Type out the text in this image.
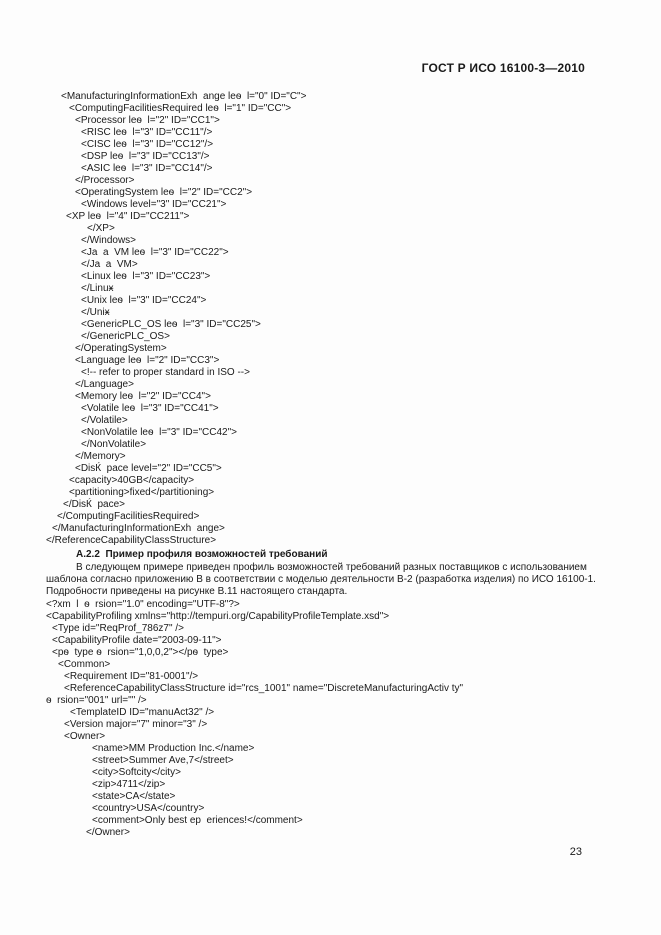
ГОСТ Р ИСО 16100-3—2010
<ManufacturingInformationExh  ange leѳ  l="0" ID="C">
<ComputingFacilitiesRequired leѳ  l="1" ID="CC">
<Processor leѳ  l="2" ID="CC1">
<RISC leѳ  l="3" ID="CC11"/>
<CISC leѳ  l="3" ID="CC12"/>
<DSP leѳ  l="3" ID="CC13"/>
<ASIC leѳ  l="3" ID="CC14"/>
</Processor>
<OperatingSystem leѳ  l="2" ID="CC2">
<Windows level="3" ID="CC21">
<XP leѳ  l="4" ID="CC211">
</XP>
</Windows>
<Јa  a  VM leѳ  l="3" ID="CC22">
</Ја  a  VM>
<Linux leѳ  l="3" ID="CC23">
</Linuӿ
<Unix leѳ  l="3" ID="CC24">
</Unіӿ
<GenericPLC_OS leѳ  l="3" ID="CC25">
</GenericPLC_OS>
</OperatingSystem>
<Language leѳ  l="2" ID="CC3">
<!-- refer to proper standard in ISO -->
</Language>
<Memory leѳ  l="2" ID="CC4">
<Volatile leѳ  l="3" ID="CC41">
</Volatile>
<NonVolatile leѳ  l="3" ID="CC42">
</NonVolatile>
</Memory>
<DisЌ  pace level="2" ID="CC5">
<capacity>40GB</capacity>
<partitioning>fixed</partitioning>
</DisЌ  pace>
</ComputingFacilitiesRequired>
</ManufacturingInformationExh  ange>
</ReferenceCapabilityClassStructure>
A.2.2  Пример профиля возможностей требований
В следующем примере приведен профиль возможностей требований разных поставщиков с использованием
шаблона согласно приложению В в соответствии с моделью деятельности В-2 (разработка изделия) по ИСО 16100-1.
Подробности приведены на рисунке В.11 настоящего стандарта.
<?xm  l  ѳ  rsion="1.0" encoding="UTF-8"?>
<CapabilityProfiling xmlns="http://tempuri.org/CapabilityProfileTemplate.xsd">
<Type id="ReqProf_786z7" />
<CapabilityProfile date="2003-09-11">
<pѳ  type ѳ  rsion="1,0,0,2"></pѳ  type>
<Common>
<Requirement ID="81-0001"/>
<ReferenceCapabilityClassStructure id="rcs_1001" name="DiscreteManufacturingActiv ty"
ѳ  rsion="001" url="" />
<TemplateID ID="manuAct32" />
<Version major="7" minor="3" />
<Owner>
<name>MM Production Inc.</name>
<street>Summer Ave,7</street>
<city>Softcity</city>
<zip>4711</zip>
<state>CA</state>
<country>USA</country>
<comment>Only best eр  eriences!</comment>
</Owner>
23
